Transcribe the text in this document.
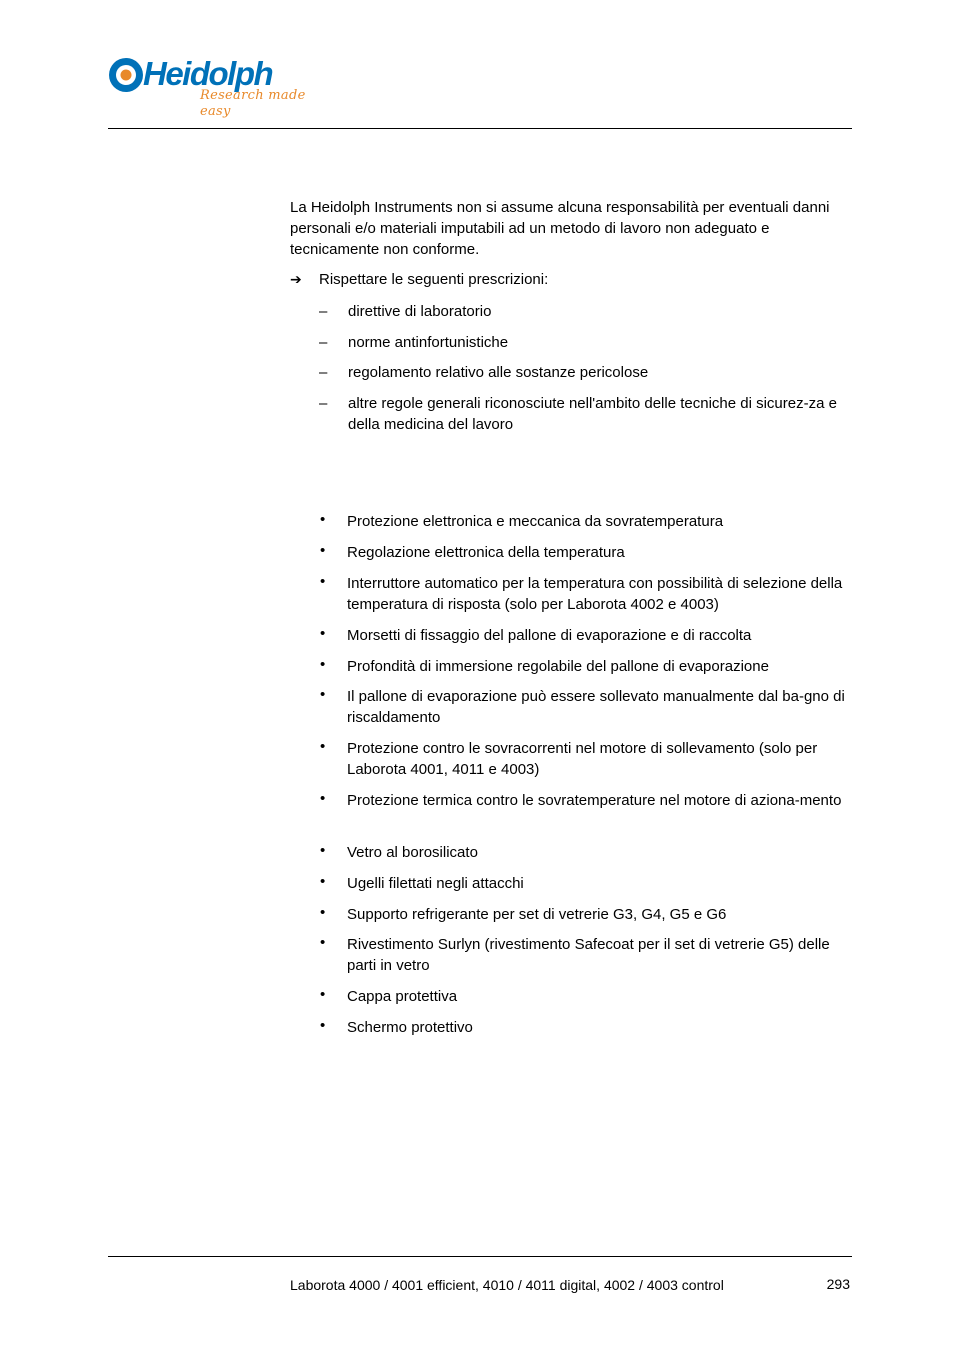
Heidolph
Research made easy

La Heidolph Instruments non si assume alcuna responsabilità per eventuali danni personali e/o materiali imputabili ad un metodo di lavoro non adeguato e tecnicamente non conforme.

➔ Rispettare le seguenti prescrizioni:
– direttive di laboratorio
– norme antinfortunistiche
– regolamento relativo alle sostanze pericolose
– altre regole generali riconosciute nell'ambito delle tecniche di sicurez-za e della medicina del lavoro
• Protezione elettronica e meccanica da sovratemperatura
• Regolazione elettronica della temperatura
• Interruttore automatico per la temperatura con possibilità di selezione della temperatura di risposta (solo per Laborota 4002 e 4003)
• Morsetti di fissaggio del pallone di evaporazione e di raccolta
• Profondità di immersione regolabile del pallone di evaporazione
• Il pallone di evaporazione può essere sollevato manualmente dal ba-gno di riscaldamento
• Protezione contro le sovracorrenti nel motore di sollevamento (solo per Laborota 4001, 4011 e 4003)
• Protezione termica contro le sovratemperature nel motore di aziona-mento
• Vetro al borosilicato
• Ugelli filettati negli attacchi
• Supporto refrigerante per set di vetrerie G3, G4, G5 e G6
• Rivestimento Surlyn (rivestimento Safecoat per il set di vetrerie G5) delle parti in vetro
• Cappa protettiva
• Schermo protettivo
Laborota 4000 / 4001 efficient, 4010 / 4011 digital, 4002 / 4003 control	293
